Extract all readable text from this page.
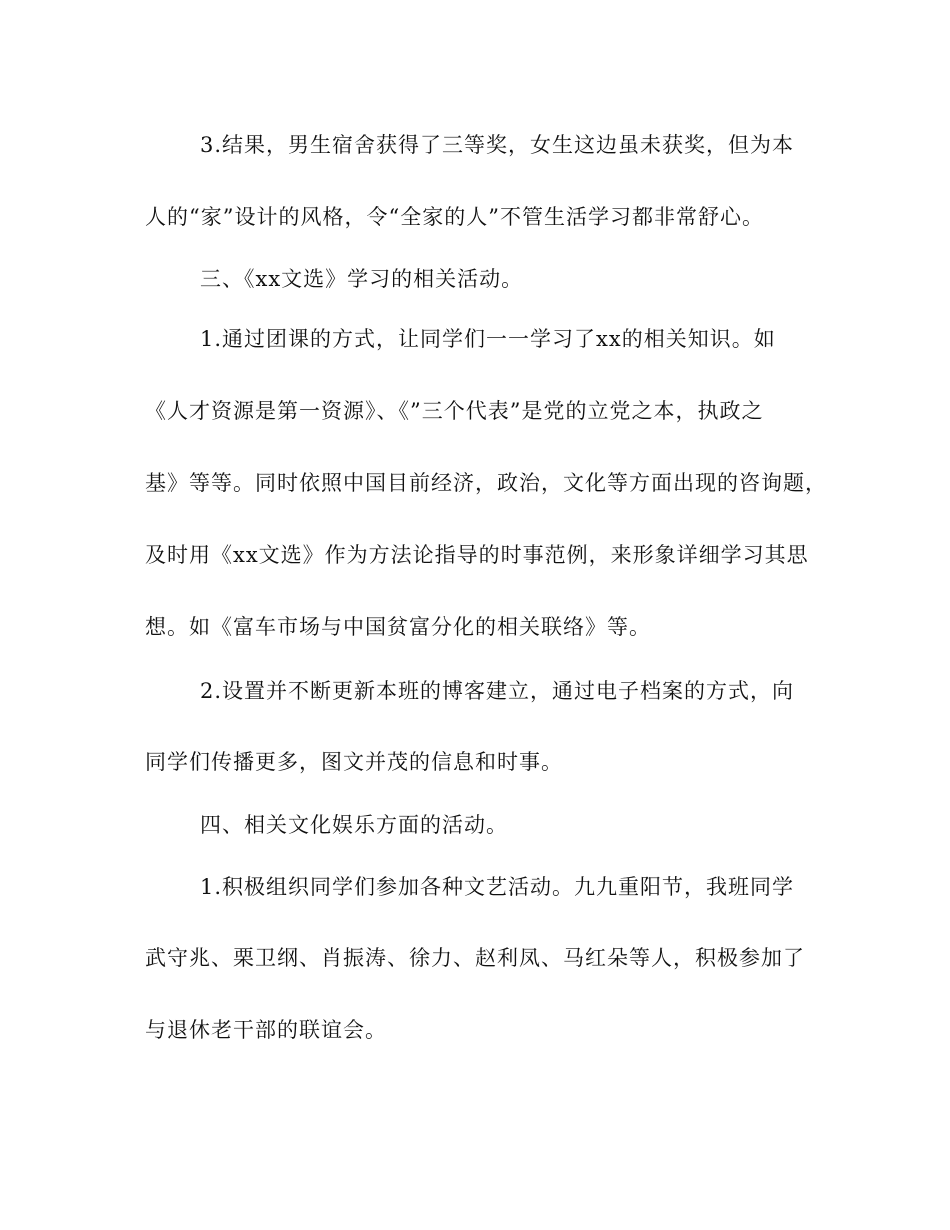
3.结果，男生宿舍获得了三等奖，女生这边虽未获奖，但为本

人的“家”设计的风格，令“全家的人”不管生活学习都非常舒心。

三、《xx文选》学习的相关活动。

1.通过团课的方式，让同学们一一学习了xx的相关知识。如

《人才资源是第一资源》、《”三个代表”是党的立党之本，执政之

基》等等。同时依照中国目前经济，政治，文化等方面出现的咨询题，

及时用《xx文选》作为方法论指导的时事范例，来形象详细学习其思

想。如《富车市场与中国贫富分化的相关联络》等。

2.设置并不断更新本班的博客建立，通过电子档案的方式，向

同学们传播更多，图文并茂的信息和时事。

四、相关文化娱乐方面的活动。

1.积极组织同学们参加各种文艺活动。九九重阳节，我班同学

武守兆、栗卫纲、肖振涛、徐力、赵利凤、马红朵等人，积极参加了

与退休老干部的联谊会。
